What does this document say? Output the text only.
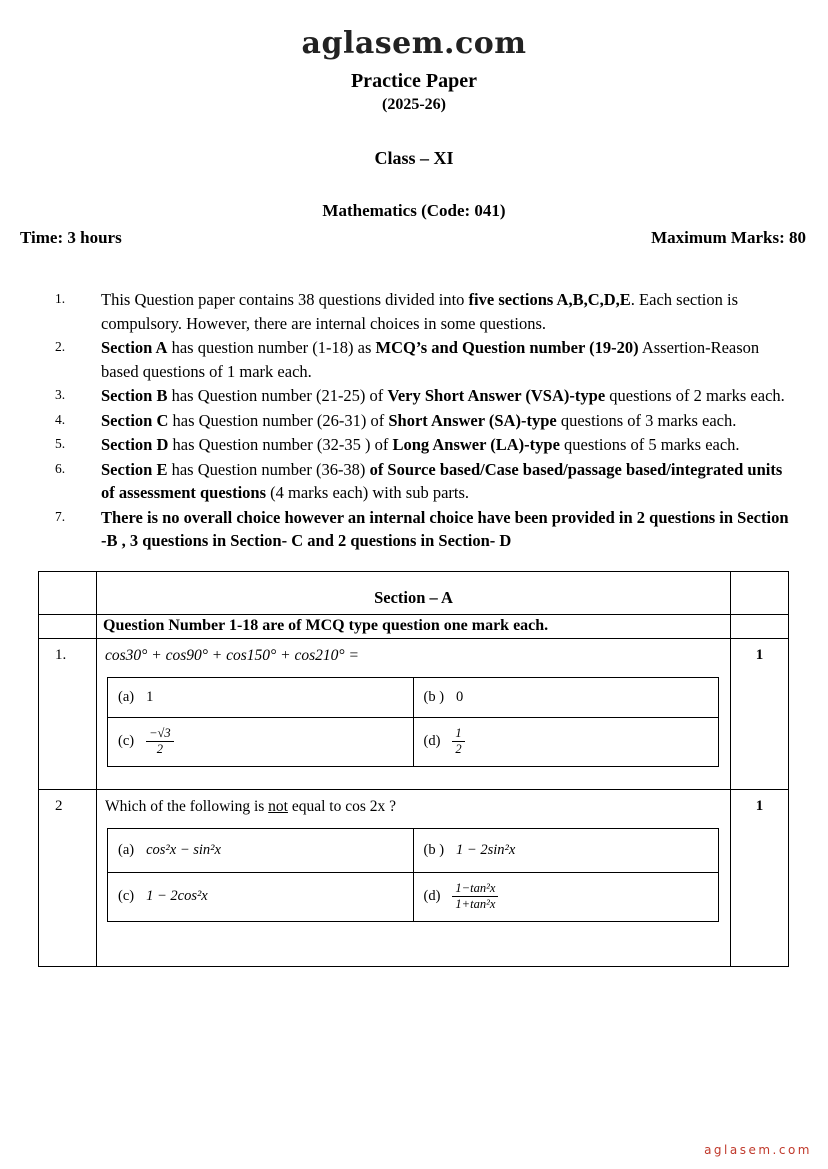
aglasem.com
Practice Paper
(2025-26)
Class – XI
Mathematics (Code: 041)
Time: 3 hours	Maximum Marks: 80
1.	This Question paper contains 38 questions divided into five sections A,B,C,D,E. Each section is compulsory. However, there are internal choices in some questions.
2.	Section A has question number (1-18) as MCQ’s and Question number (19-20) Assertion-Reason based questions of 1 mark each.
3.	Section B has Question number (21-25) of Very Short Answer (VSA)-type questions of 2 marks each.
4.	Section C has Question number (26-31) of Short Answer (SA)-type questions of 3 marks each.
5.	Section D has Question number (32-35 ) of Long Answer (LA)-type questions of 5 marks each.
6.	Section E has Question number (36-38) of Source based/Case based/passage based/integrated units of assessment questions (4 marks each) with sub parts.
7.	There is no overall choice however an internal choice have been provided in 2 questions in Section -B , 3 questions in Section- C and 2 questions in Section- D
	Section – A	
	Question Number 1-18 are of MCQ type question one mark each.	
1.	cos30° + cos90° + cos150° + cos210° =
(a) 1	(b ) 0
$(c) \frac{-√3}{2}$	$(d) \frac{1}{2}$
	1
2	Which of the following is not equal to cos 2x ?
(a) cos²x − sin²x	(b ) 1 − 2sin²x
(c) 1 − 2cos²x	$(d) \frac{\text{1−tan²x}}{\text{1+tan²x}}$
	1
aglasem.com
